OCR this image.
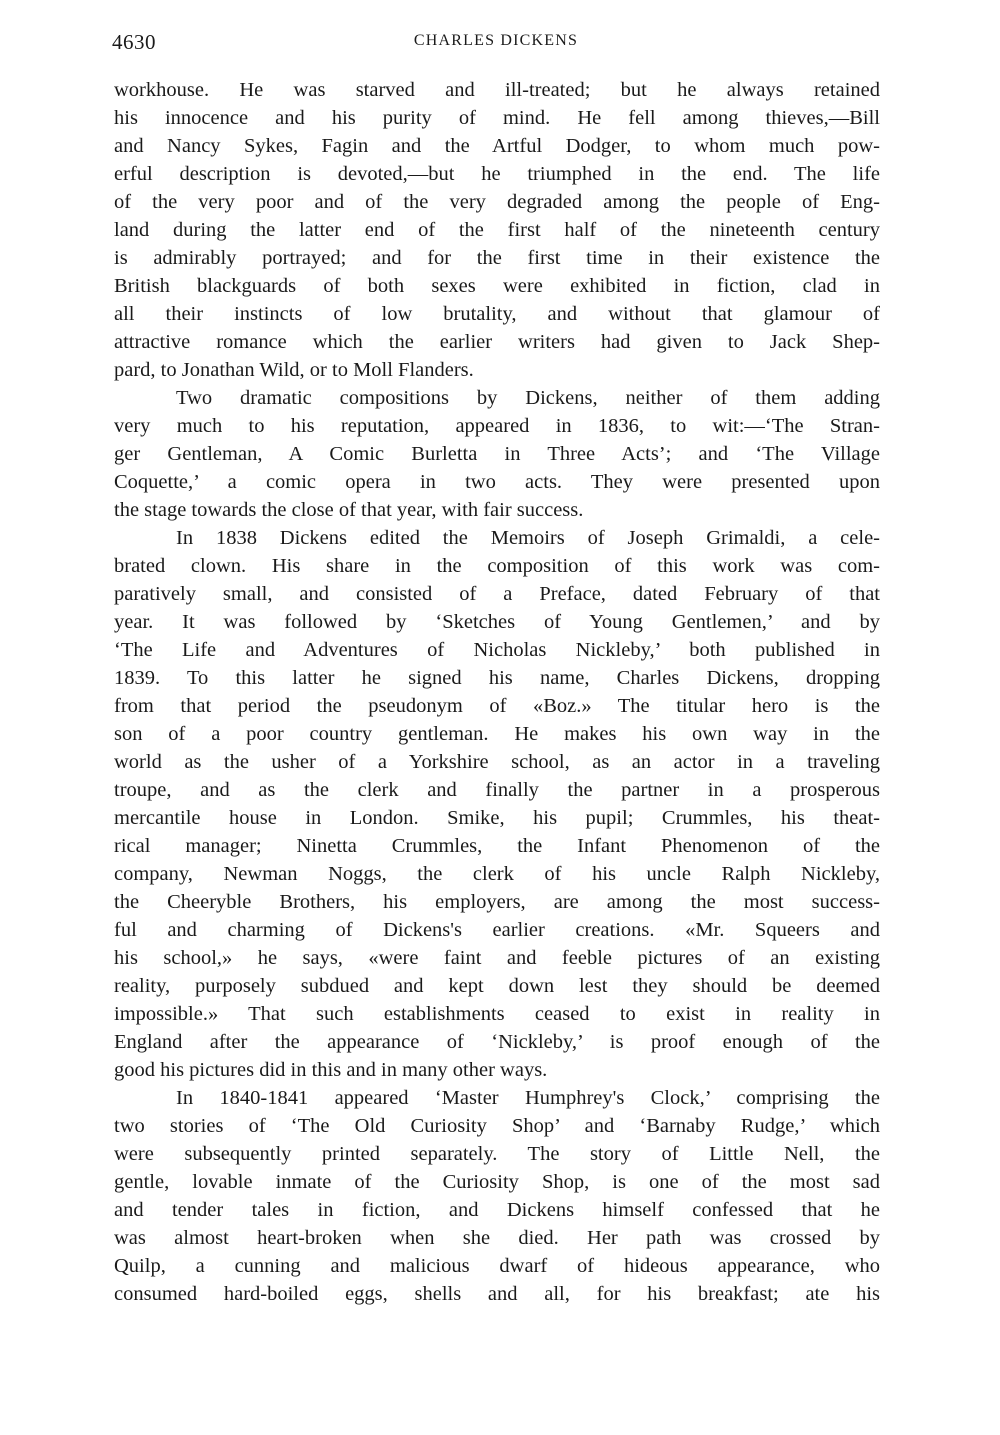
4630	CHARLES DICKENS
workhouse. He was starved and ill-treated; but he always retained
his innocence and his purity of mind. He fell among thieves,—Bill
and Nancy Sykes, Fagin and the Artful Dodger, to whom much pow-
erful description is devoted,—but he triumphed in the end. The life
of the very poor and of the very degraded among the people of Eng-
land during the latter end of the first half of the nineteenth century
is admirably portrayed; and for the first time in their existence the
British blackguards of both sexes were exhibited in fiction, clad in
all their instincts of low brutality, and without that glamour of
attractive romance which the earlier writers had given to Jack Shep-
pard, to Jonathan Wild, or to Moll Flanders.
Two dramatic compositions by Dickens, neither of them adding
very much to his reputation, appeared in 1836, to wit:—‘The Stran-
ger Gentleman, A Comic Burletta in Three Acts’; and ‘The Village
Coquette,’ a comic opera in two acts. They were presented upon
the stage towards the close of that year, with fair success.
In 1838 Dickens edited the Memoirs of Joseph Grimaldi, a cele-
brated clown. His share in the composition of this work was com-
paratively small, and consisted of a Preface, dated February of that
year. It was followed by ‘Sketches of Young Gentlemen,’ and by
‘The Life and Adventures of Nicholas Nickleby,’ both published in
1839. To this latter he signed his name, Charles Dickens, dropping
from that period the pseudonym of «Boz.» The titular hero is the
son of a poor country gentleman. He makes his own way in the
world as the usher of a Yorkshire school, as an actor in a traveling
troupe, and as the clerk and finally the partner in a prosperous
mercantile house in London. Smike, his pupil; Crummles, his theat-
rical manager; Ninetta Crummles, the Infant Phenomenon of the
company, Newman Noggs, the clerk of his uncle Ralph Nickleby,
the Cheeryble Brothers, his employers, are among the most success-
ful and charming of Dickens's earlier creations. «Mr. Squeers and
his school,» he says, «were faint and feeble pictures of an existing
reality, purposely subdued and kept down lest they should be deemed
impossible.» That such establishments ceased to exist in reality in
England after the appearance of ‘Nickleby,’ is proof enough of the
good his pictures did in this and in many other ways.
In 1840-1841 appeared ‘Master Humphrey's Clock,’ comprising the
two stories of ‘The Old Curiosity Shop’ and ‘Barnaby Rudge,’ which
were subsequently printed separately. The story of Little Nell, the
gentle, lovable inmate of the Curiosity Shop, is one of the most sad
and tender tales in fiction, and Dickens himself confessed that he
was almost heart-broken when she died. Her path was crossed by
Quilp, a cunning and malicious dwarf of hideous appearance, who
consumed hard-boiled eggs, shells and all, for his breakfast; ate his
